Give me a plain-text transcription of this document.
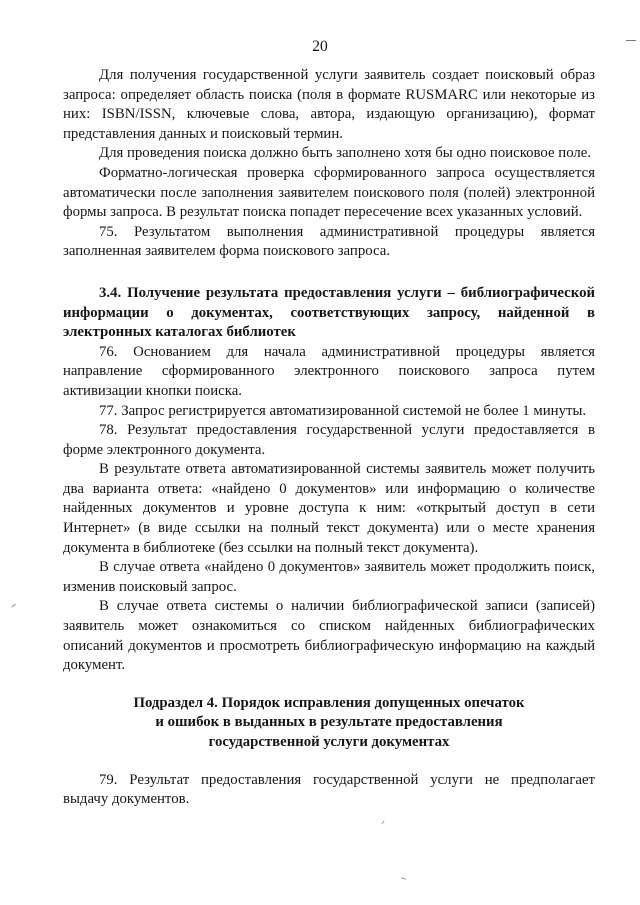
20

Для получения государственной услуги заявитель создает поисковый образ запроса: определяет область поиска (поля в формате RUSMARC или некоторые из них: ISBN/ISSN, ключевые слова, автора, издающую организацию), формат представления данных и поисковый термин.

Для проведения поиска должно быть заполнено хотя бы одно поисковое поле.

Форматно-логическая проверка сформированного запроса осуществляется автоматически после заполнения заявителем поискового поля (полей) электронной формы запроса. В результат поиска попадет пересечение всех указанных условий.

75. Результатом выполнения административной процедуры является заполненная заявителем форма поискового запроса.

3.4. Получение результата предоставления услуги – библиографической информации о документах, соответствующих запросу, найденной в электронных каталогах библиотек

76. Основанием для начала административной процедуры является направление сформированного электронного поискового запроса путем активизации кнопки поиска.

77. Запрос регистрируется автоматизированной системой не более 1 минуты.

78. Результат предоставления государственной услуги предоставляется в форме электронного документа.

В результате ответа автоматизированной системы заявитель может получить два варианта ответа: «найдено 0 документов» или информацию о количестве найденных документов и уровне доступа к ним: «открытый доступ в сети Интернет» (в виде ссылки на полный текст документа) или о месте хранения документа в библиотеке (без ссылки на полный текст документа).

В случае ответа «найдено 0 документов» заявитель может продолжить поиск, изменив поисковый запрос.

В случае ответа системы о наличии библиографической записи (записей) заявитель может ознакомиться со списком найденных библиографических описаний документов и просмотреть библиографическую информацию на каждый документ.

Подраздел 4. Порядок исправления допущенных опечаток
и ошибок в выданных в результате предоставления
государственной услуги документах

79. Результат предоставления государственной услуги не предполагает выдачу документов.
